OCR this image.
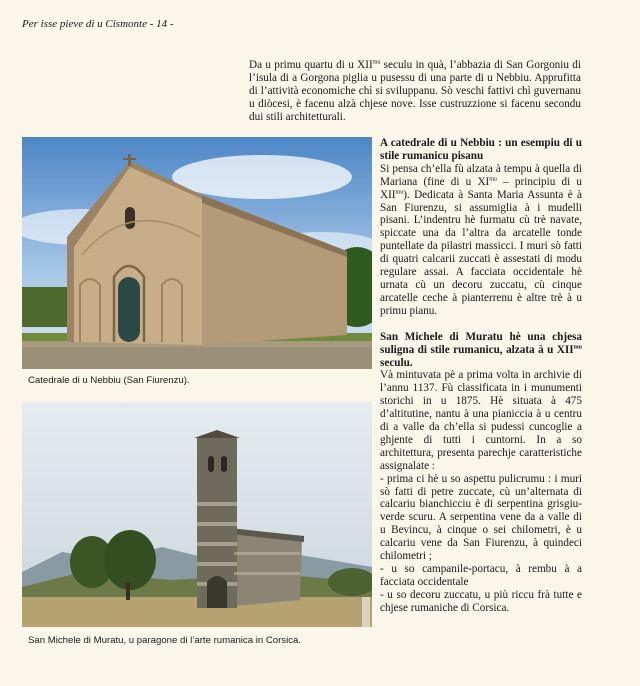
Per isse pieve di u Cismonte - 14 -
Da u primu quartu di u $XII^{mu}$ seculu in quà, l’abbazia di San Gorgoniu di l’isula di a Gorgona piglia u pusessu di una parte di u Nebbiu. Apprufitta di l’attività economiche chì si sviluppanu. Sò veschi fattivi chì guvernanu u diòcesi, è facenu alzà chjese nove. Isse custruzzione si facenu secondu dui stili architetturali.
Catedrale di u Nebbiu (San Fiurenzu).
San Michele di Muratu, u paragone di l’arte rumanica in Corsica.
A catedrale di u Nebbiu : un esempiu di u stile rumanicu pisanu

Si pensa ch’ella fù alzata à tempu à quella di Mariana (fine di u $XI^{mu}$ – principiu di u $XII^{mu}$). Dedicata à Santa Maria Assunta è à San Fiurenzu, si assumiglia à i mudelli pisani. L’indentru hè furmatu cù trè navate, spiccate una da l’altra da arcatelle tonde puntellate da pilastri massicci. I muri sò fatti di quatri calcarii zuccati è assestati di modu regulare assai. A facciata occidentale hè urnata cù un decoru zuccatu, cù cinque arcatelle ceche à pianterrenu è altre trè à u primu pianu.

San Michele di Muratu hè una chjesa suligna di stile rumanicu, alzata à u $XII^{mu}$ seculu.

Và mintuvata pè a prima volta in archivie di l’annu 1137. Fù classificata in i munumenti storichi in u 1875. Hè situata à 475 d’altitutine, nantu à una pianiccia à u centru di a valle da ch’ella si pudessi cuncoglie a ghjente di tutti i cuntorni. In a so architettura, presenta parechje caratteristiche assignalate :

- prima ci hè u so aspettu pulicrumu : i muri sò fatti di petre zuccate, cù un’alternata di calcariu bianchicciu è di serpentina grisgiu-verde scuru. A serpentina vene da a valle di u Bevincu, à cinque o sei chilometri, è u calcariu vene da San Fiurenzu, à quindeci chilometri ;

- u so campanile-portacu, à rembu à a facciata occidentale

- u so decoru zuccatu, u più riccu frà tutte e chjese rumaniche di Corsica.
